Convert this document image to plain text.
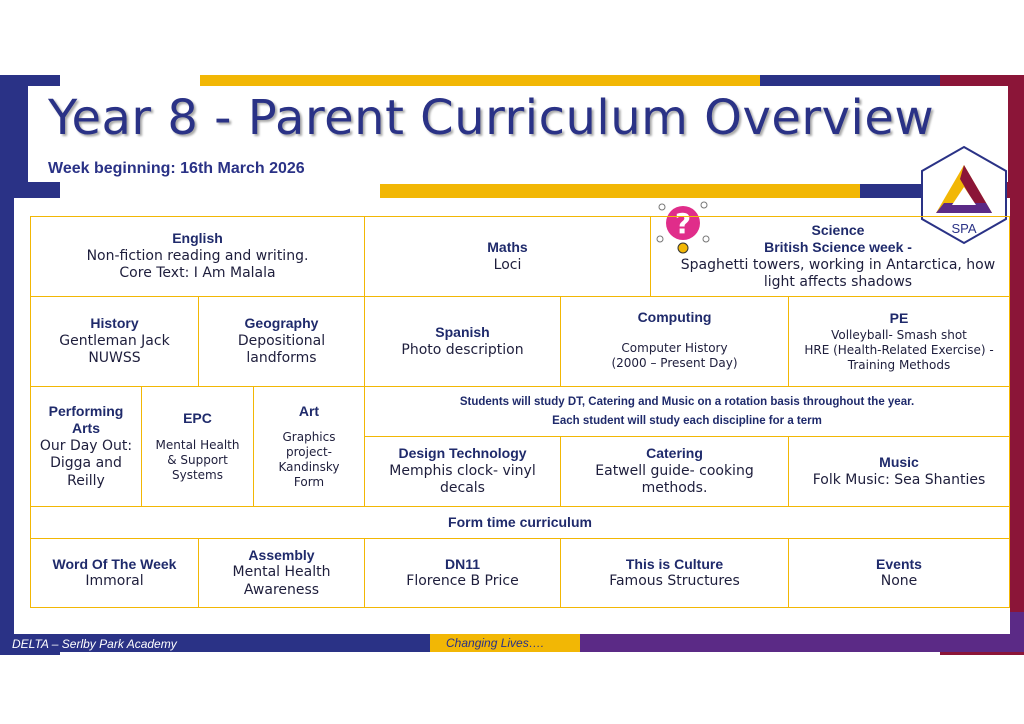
Year 8 - Parent Curriculum Overview
Week beginning: 16th March 2026
SPA
?
English
Non-fiction reading and writing.
Core Text: I Am Malala
Maths
Loci
Science
British Science week -
Spaghetti towers, working in Antarctica, how light affects shadows
History
Gentleman Jack
NUWSS
Geography
Depositional
landforms
Spanish
Photo description
Computing
Computer History
(2000 – Present Day)
PE
Volleyball- Smash shot
HRE (Health-Related Exercise) -
Training Methods
Performing Arts
Our Day Out:
Digga and
Reilly
EPC
Mental Health
& Support
Systems
Art
Graphics
project-
Kandinsky
Form
Students will study DT, Catering and Music on a rotation basis throughout the year.
Each student will study each discipline for a term
Design Technology
Memphis clock- vinyl decals
Catering
Eatwell guide- cooking methods.
Music
Folk Music: Sea Shanties
Form time curriculum
Word Of The Week
Immoral
Assembly
Mental Health Awareness
DN11
Florence B Price
This is Culture
Famous Structures
Events
None
DELTA – Serlby Park Academy	Changing Lives….
